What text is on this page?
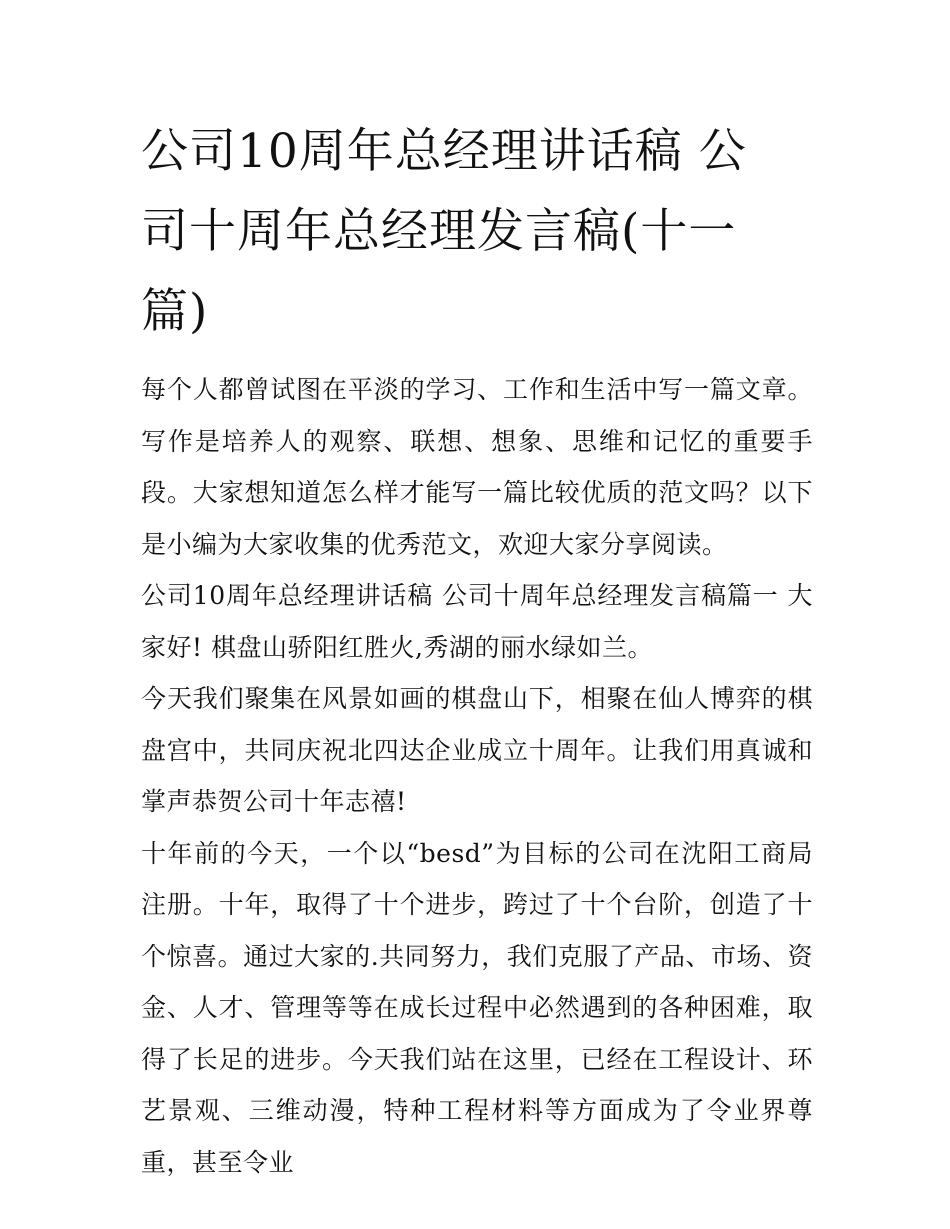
公司10周年总经理讲话稿 公司十周年总经理发言稿(十一篇)

每个人都曾试图在平淡的学习、工作和生活中写一篇文章。写作是培养人的观察、联想、想象、思维和记忆的重要手段。大家想知道怎么样才能写一篇比较优质的范文吗？以下是小编为大家收集的优秀范文，欢迎大家分享阅读。

公司10周年总经理讲话稿 公司十周年总经理发言稿篇一 大家好! 棋盘山骄阳红胜火,秀湖的丽水绿如兰。

今天我们聚集在风景如画的棋盘山下，相聚在仙人博弈的棋盘宫中，共同庆祝北四达企业成立十周年。让我们用真诚和掌声恭贺公司十年志禧!

十年前的今天，一个以“besd”为目标的公司在沈阳工商局注册。十年，取得了十个进步，跨过了十个台阶，创造了十个惊喜。通过大家的.共同努力，我们克服了产品、市场、资金、人才、管理等等在成长过程中必然遇到的各种困难，取得了长足的进步。今天我们站在这里，已经在工程设计、环艺景观、三维动漫，特种工程材料等方面成为了令业界尊重，甚至令业
